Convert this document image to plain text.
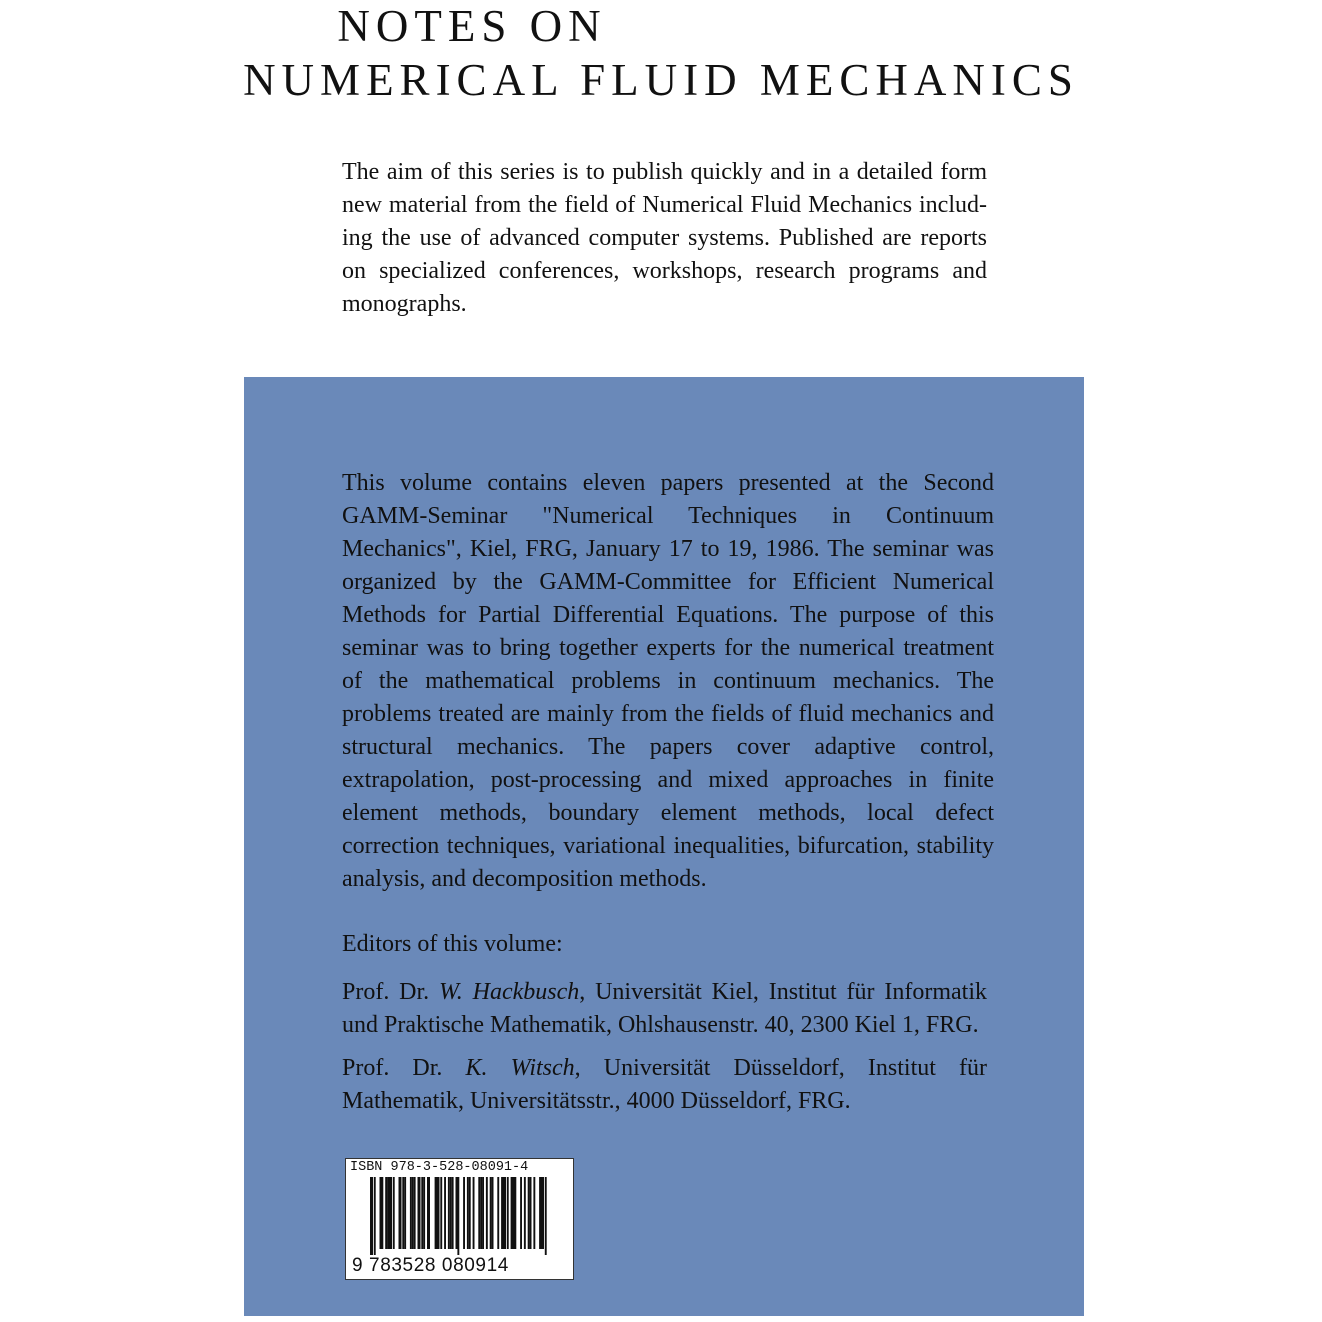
NOTES ON
NUMERICAL FLUID MECHANICS

The aim of this series is to publish quickly and in a detailed form new material from the field of Numerical Fluid Mechanics includ-ing the use of advanced computer systems. Published are reports on specialized conferences, workshops, research programs and monographs.

This volume contains eleven papers presented at the Second GAMM-Seminar "Numerical Techniques in Continuum Mechanics", Kiel, FRG, January 17 to 19, 1986. The seminar was organized by the GAMM-Committee for Efficient Numerical Methods for Partial Differential Equations. The purpose of this seminar was to bring together experts for the numerical treatment of the mathematical problems in continuum mechanics. The problems treated are mainly from the fields of fluid mechanics and structural mechanics. The papers cover adaptive control, extrapolation, post-processing and mixed approaches in finite element methods, boundary element methods, local defect correction techniques, variational inequalities, bifurcation, stability analysis, and decomposition methods.

Editors of this volume:

Prof. Dr. W. Hackbusch, Universität Kiel, Institut für Informatik und Praktische Mathematik, Ohlshausenstr. 40, 2300 Kiel 1, FRG.

Prof. Dr. K. Witsch, Universität Düsseldorf, Institut für Mathematik, Universitätsstr., 4000 Düsseldorf, FRG.

ISBN 978-3-528-08091-4
9 783528 080914
